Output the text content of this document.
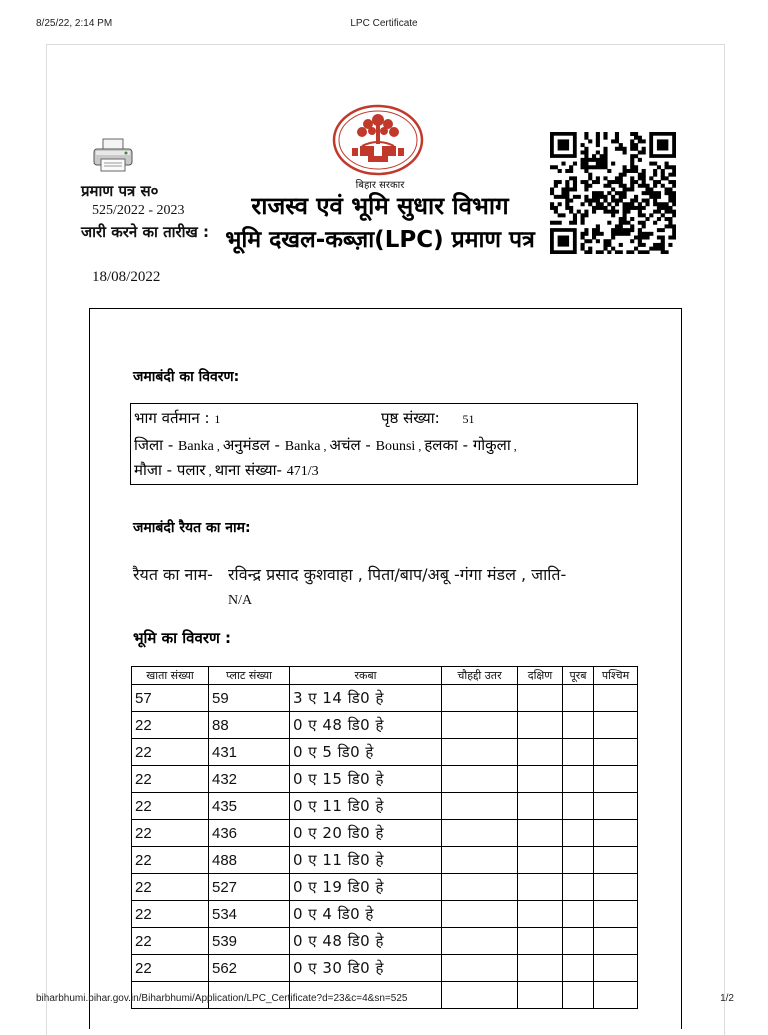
8/25/22, 2:14 PM	LPC Certificate
प्रमाण पत्र स०
525/2022 - 2023
जारी करने का तारीख :
18/08/2022
बिहार सरकार
राजस्व एवं भूमि सुधार विभाग
भूमि दखल-कब्ज़ा(LPC) प्रमाण पत्र
जमाबंदी का विवरण:
भाग वर्तमान : 1	पृष्ठ संख्या: 51
जिला - Banka , अनुमंडल - Banka , अचंल - Bounsi , हलका - गोकुला ,
मौजा - पलार , थाना संख्या- 471/3
जमाबंदी रैयत का नाम:
रैयत का नाम- रविन्द्र प्रसाद कुशवाहा , पिता/बाप/अबू -गंगा मंडल , जाति-
N/A
भूमि का विवरण :
खाता संख्या	प्लाट संख्या	रकबा	चौहद्दी उतर	दक्षिण	पूरब	पश्चिम
57	59	3 ए 14 डि0 हे				
22	88	0 ए 48 डि0 हे				
22	431	0 ए 5 डि0 हे				
22	432	0 ए 15 डि0 हे				
22	435	0 ए 11 डि0 हे				
22	436	0 ए 20 डि0 हे				
22	488	0 ए 11 डि0 हे				
22	527	0 ए 19 डि0 हे				
22	534	0 ए 4 डि0 हे				
22	539	0 ए 48 डि0 हे				
22	562	0 ए 30 डि0 हे				

biharbhumi.bihar.gov.in/Biharbhumi/Application/LPC_Certificate?d=23&c=4&sn=525	1/2
